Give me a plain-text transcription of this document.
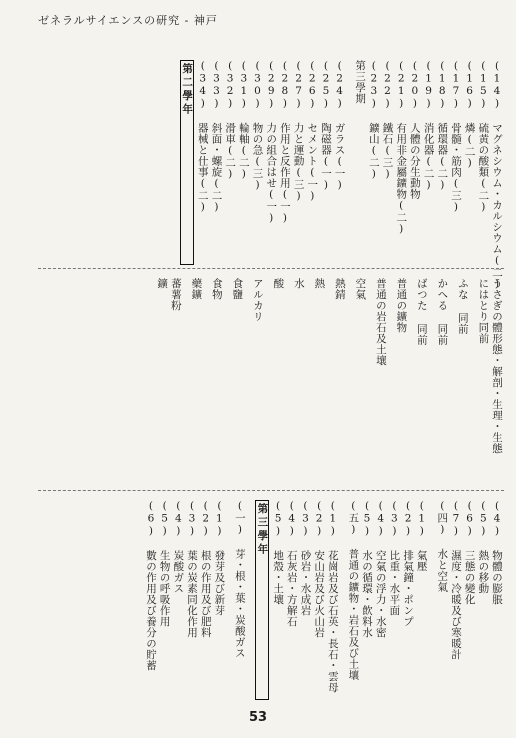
ゼネラルサイエンスの研究 - 神戸
(14) マグネシウム・カルシウム(二)
(15) 硫黄の酸類(二)
(16) 燐(二)
(17) 骨髓・筋肉(三)
(18) 循環器(二)
(19) 消化器(二)
(20) 人體の分生動物
(21) 有用非金屬鑛物(二)
(22) 鐵石(三)
(23) 鑛山(二)
第三學期
(24) ガラス(一)
(25) 陶磁器(一)
(26) セメント(一)
(27) 力と運動(三)
(28) 作用と反作用(一)
(29) 力の組合はせ(一)
(30) 物の急(三)
(31) 輪軸(二)
(32) 滑車(二)
(33) 斜面・螺旋(二)
(34) 器械と仕事(二)
第二學年
うさぎの體形態・解剖・生理・生態
にはとり同前
ふな 同前
かへる 同前
ばつた 同前
普通の鑛物
普通の岩石及土壤
空氣
熱錆
熱
水
酸
アルカリ
食鹽
食物
藥鑛
蕃薯粉
鑛
(4) 物體の膨脹
(5) 熱の移動
(6) 三態の變化
(7) 濕度・冷暖及び寒暖計
(四) 水と空氣
(1) 氣壓
(2) 排氣鐘・ポンプ
(3) 比重・水平面
(4) 空氣の浮力・水密
(5) 水の循環・飲料水
(五) 普通の鑛物・岩石及び土壤
(1) 花崗岩及び石英・長石・雲母
(2) 安山岩及び火山岩
(3) 砂岩・水成岩
(4) 石灰岩・方解石
(5) 地殼・土壤
第三學年
(一) 芽・根・葉・炭酸ガス
(1) 發芽及び新芽
(2) 根の作用及び肥料
(3) 葉の炭素同化作用
(4) 炭酸ガス
(5) 生物の呼吸作用
(6) 數の作用及び養分の貯蓄
53
